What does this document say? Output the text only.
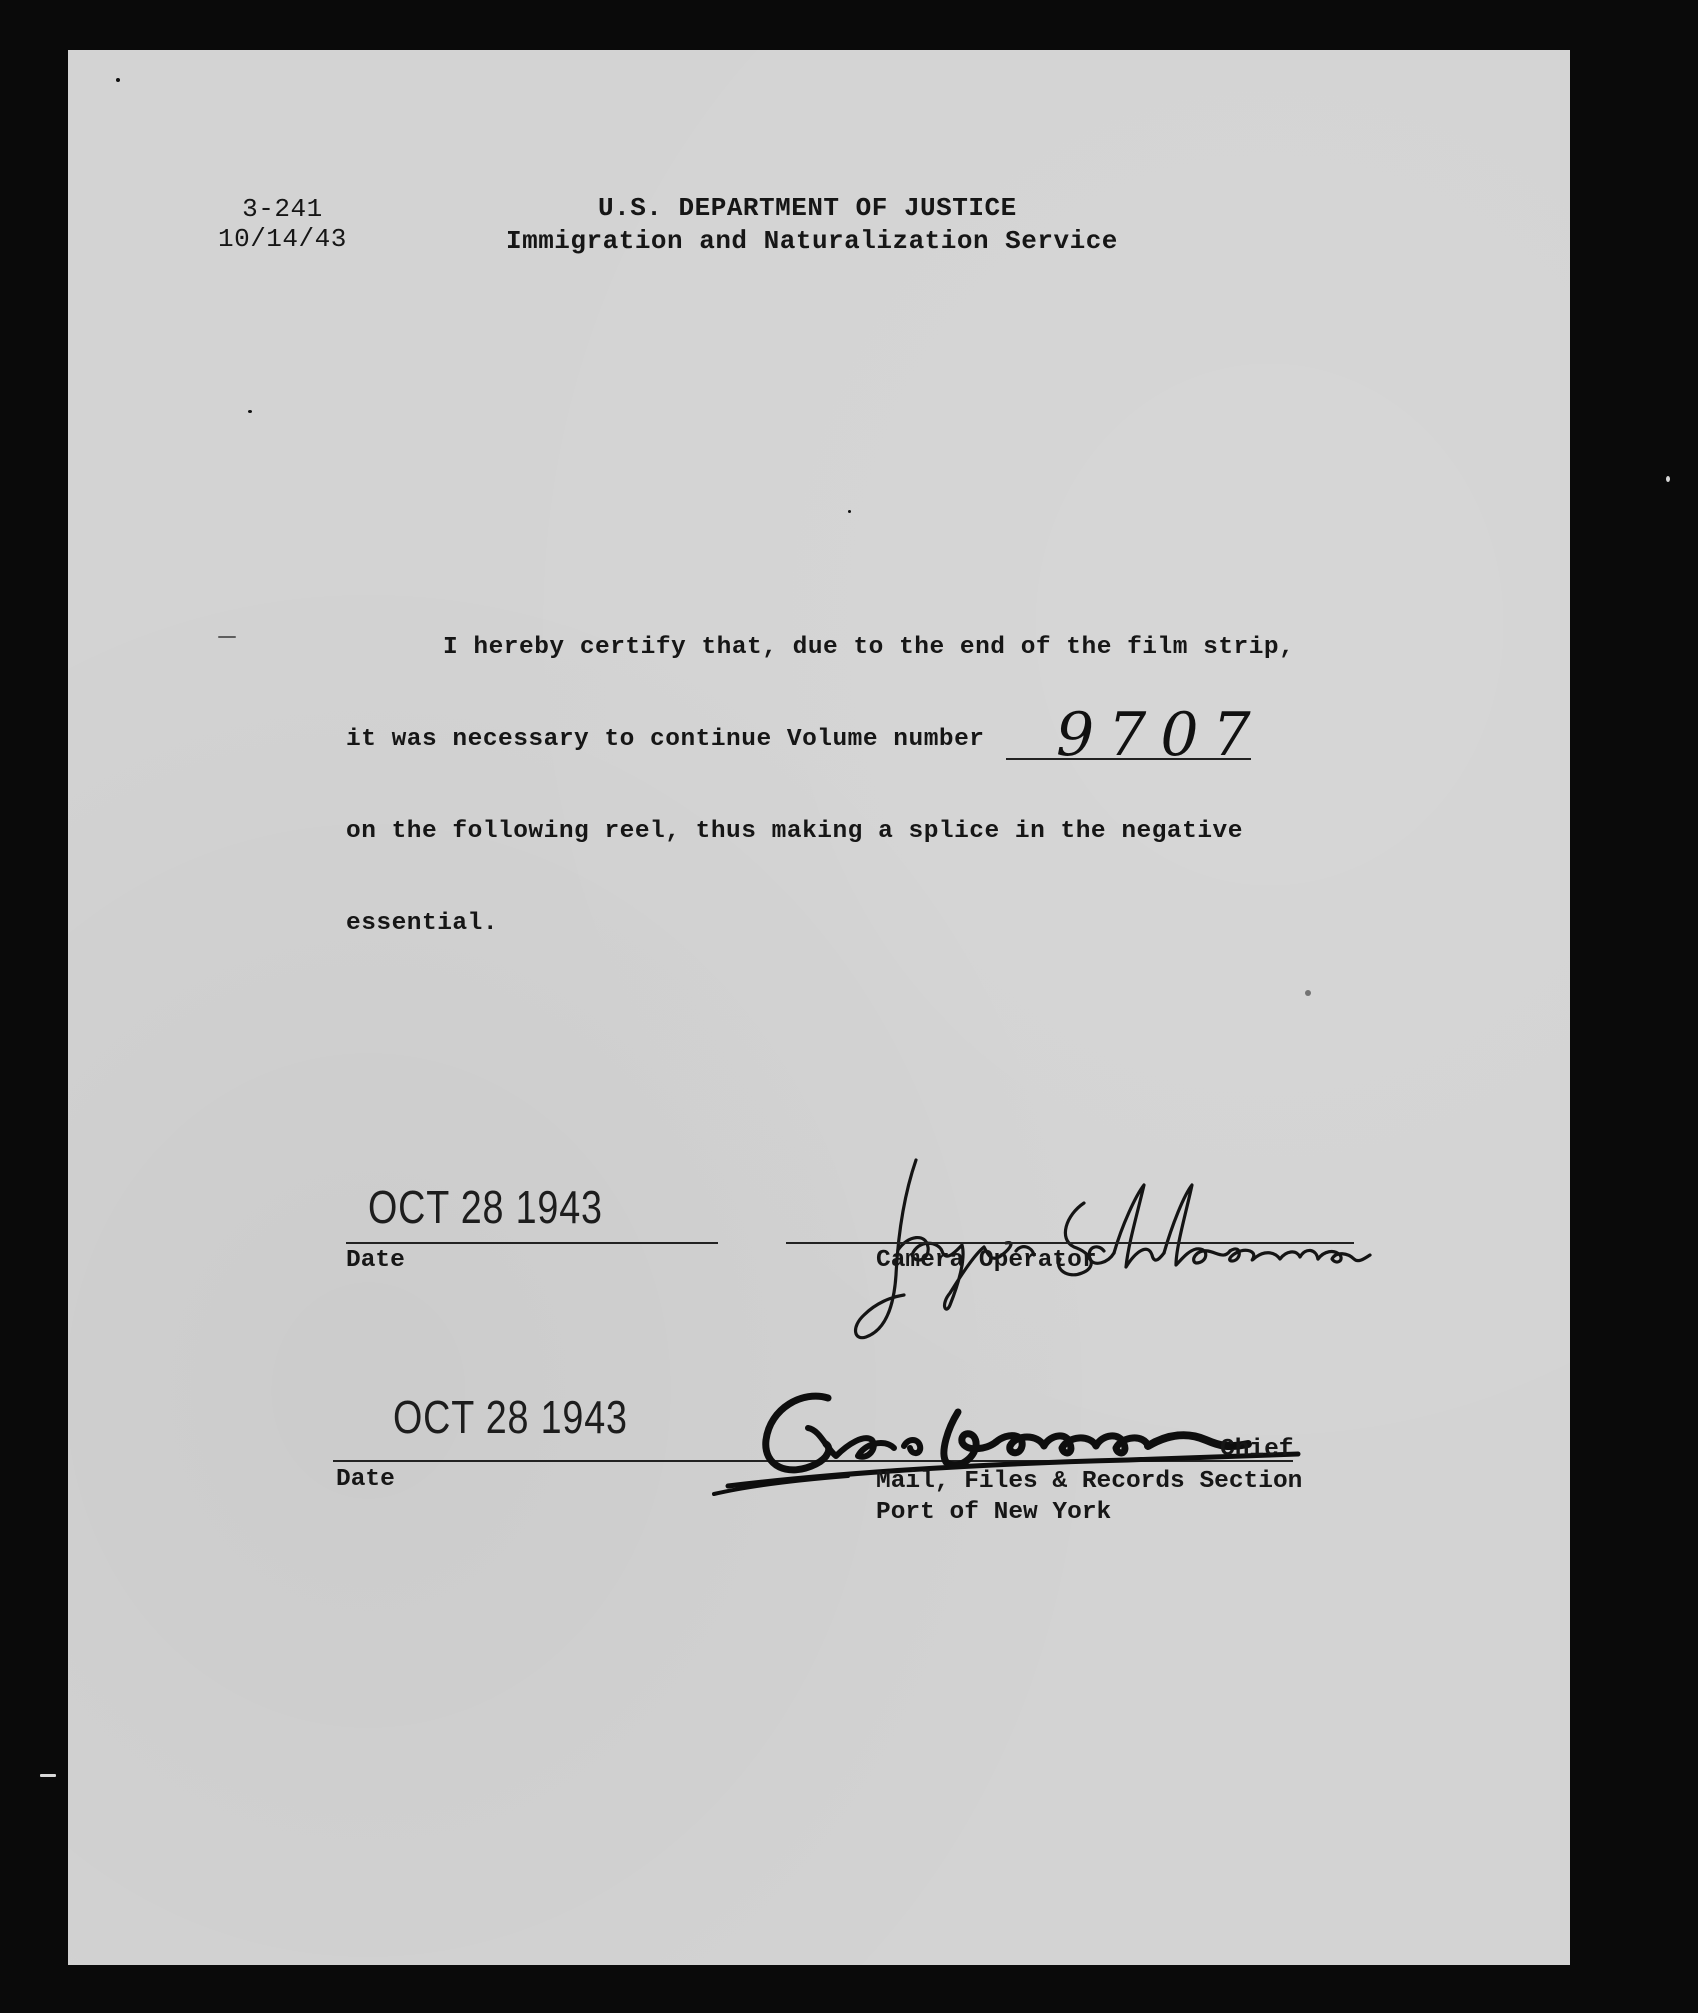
3-241
10/14/43
U.S. DEPARTMENT OF JUSTICE
Immigration and Naturalization Service
I hereby certify that, due to the end of the film strip,
it was necessary to continue Volume number 9707
on the following reel, thus making a splice in the negative
essential.
OCT 28 1943
Date	Camera Operator
OCT 28 1943
Date
Chief
Mail, Files & Records Section
Port of New York
